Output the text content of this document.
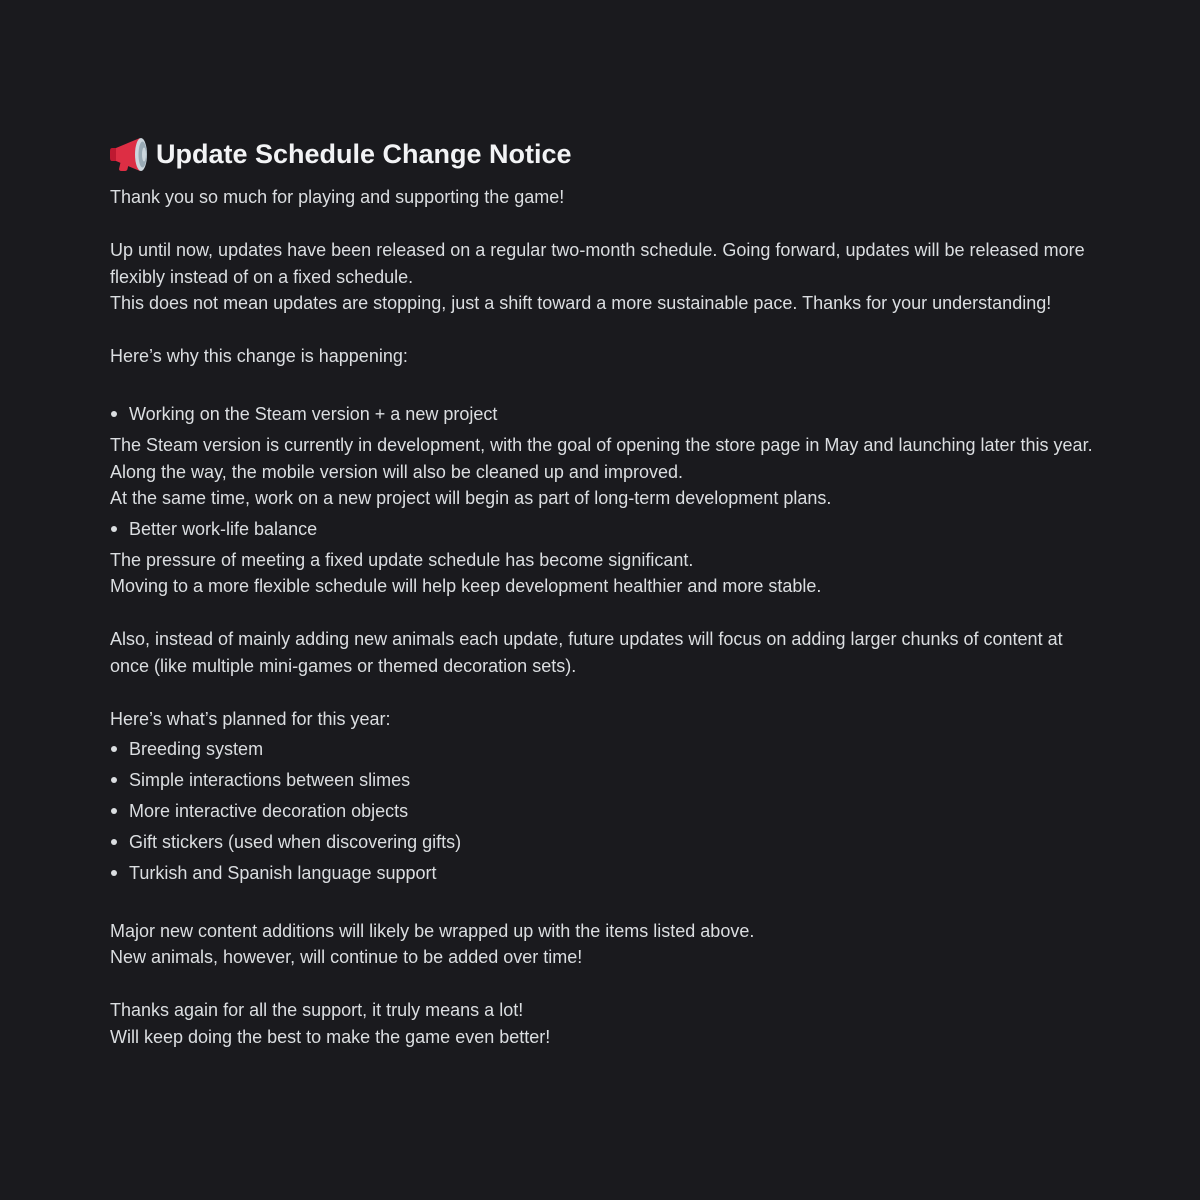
Update Schedule Change Notice

Thank you so much for playing and supporting the game!

Up until now, updates have been released on a regular two-month schedule. Going forward, updates will be released more

flexibly instead of on a fixed schedule.

This does not mean updates are stopping, just a shift toward a more sustainable pace. Thanks for your understanding!

Here’s why this change is happening:

Working on the Steam version + a new project

The Steam version is currently in development, with the goal of opening the store page in May and launching later this year.

Along the way, the mobile version will also be cleaned up and improved.

At the same time, work on a new project will begin as part of long-term development plans.

Better work-life balance

The pressure of meeting a fixed update schedule has become significant.

Moving to a more flexible schedule will help keep development healthier and more stable.

Also, instead of mainly adding new animals each update, future updates will focus on adding larger chunks of content at

once (like multiple mini-games or themed decoration sets).

Here’s what’s planned for this year:

Breeding system

Simple interactions between slimes

More interactive decoration objects

Gift stickers (used when discovering gifts)

Turkish and Spanish language support

Major new content additions will likely be wrapped up with the items listed above.

New animals, however, will continue to be added over time!

Thanks again for all the support, it truly means a lot!

Will keep doing the best to make the game even better!
